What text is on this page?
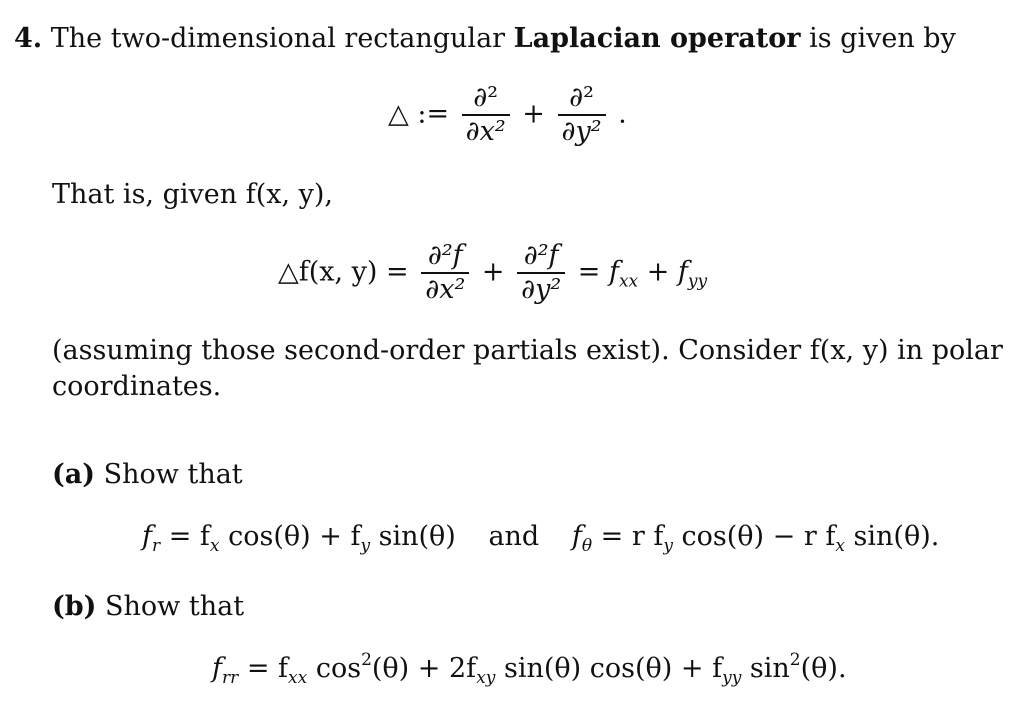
4. The two-dimensional rectangular Laplacian operator is given by
△ := $\frac{\text{∂²}}{\text{∂x²}} + \frac{\text{∂²}}{\text{∂y²}}$ .
That is, given f(x, y),
△f(x, $y) = \frac{\text{∂²f}}{\text{∂x²}} + \frac{\text{∂²f}}{\text{∂y²}} = f_{xx} + f_{yy}$
(assuming those second-order partials exist). Consider f(x, y) in polar
coordinates.
(a) Show that
$f_r = f_x$ $\cos(\theta) + f_y$ sin(θ) and $f_\theta = r$ $f_y$ cos(θ) − r $f_x$ sin(θ).
(b) Show that
$f_{rr} = f_{xx}$ $\cos^2(\theta) + 2f_{xy}$ sin(θ) $\cos(\theta) + f_{yy}$ $\sin^2(\theta)$.
